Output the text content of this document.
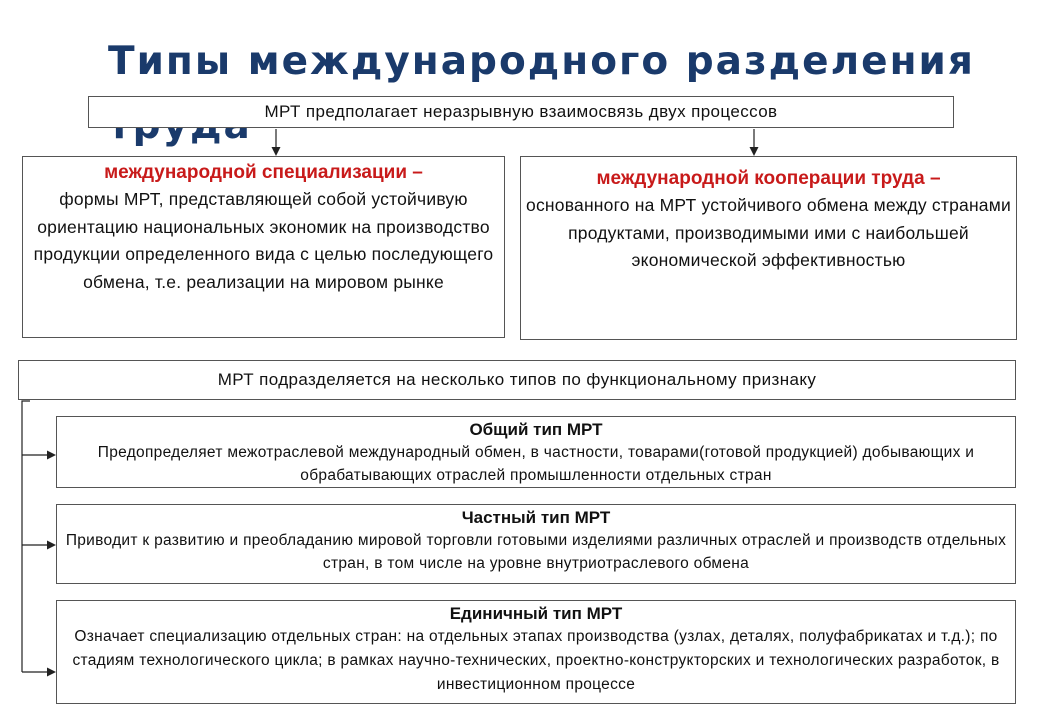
Типы международного разделения
МРТ предполагает неразрывную взаимосвязь двух процессов
международной специализации –
формы МРТ, представляющей собой устойчивую ориентацию национальных экономик на производство продукции определенного вида с целью последующего обмена, т.е. реализации на мировом рынке
международной кооперации труда –
основанного на МРТ устойчивого обмена между странами продуктами, производимыми ими с наибольшей экономической эффективностью
МРТ подразделяется на несколько типов по функциональному признаку
Общий тип МРТ
Предопределяет межотраслевой международный обмен, в частности, товарами(готовой продукцией) добывающих и обрабатывающих отраслей промышленности отдельных стран
Частный тип МРТ
Приводит к развитию и преобладанию мировой торговли готовыми изделиями различных отраслей и производств отдельных стран, в том числе на уровне внутриотраслевого обмена
Единичный тип МРТ
Означает специализацию отдельных стран: на отдельных этапах производства (узлах, деталях, полуфабрикатах и т.д.); по стадиям технологического цикла; в рамках научно-технических, проектно-конструкторских и технологических разработок, в инвестиционном процессе
